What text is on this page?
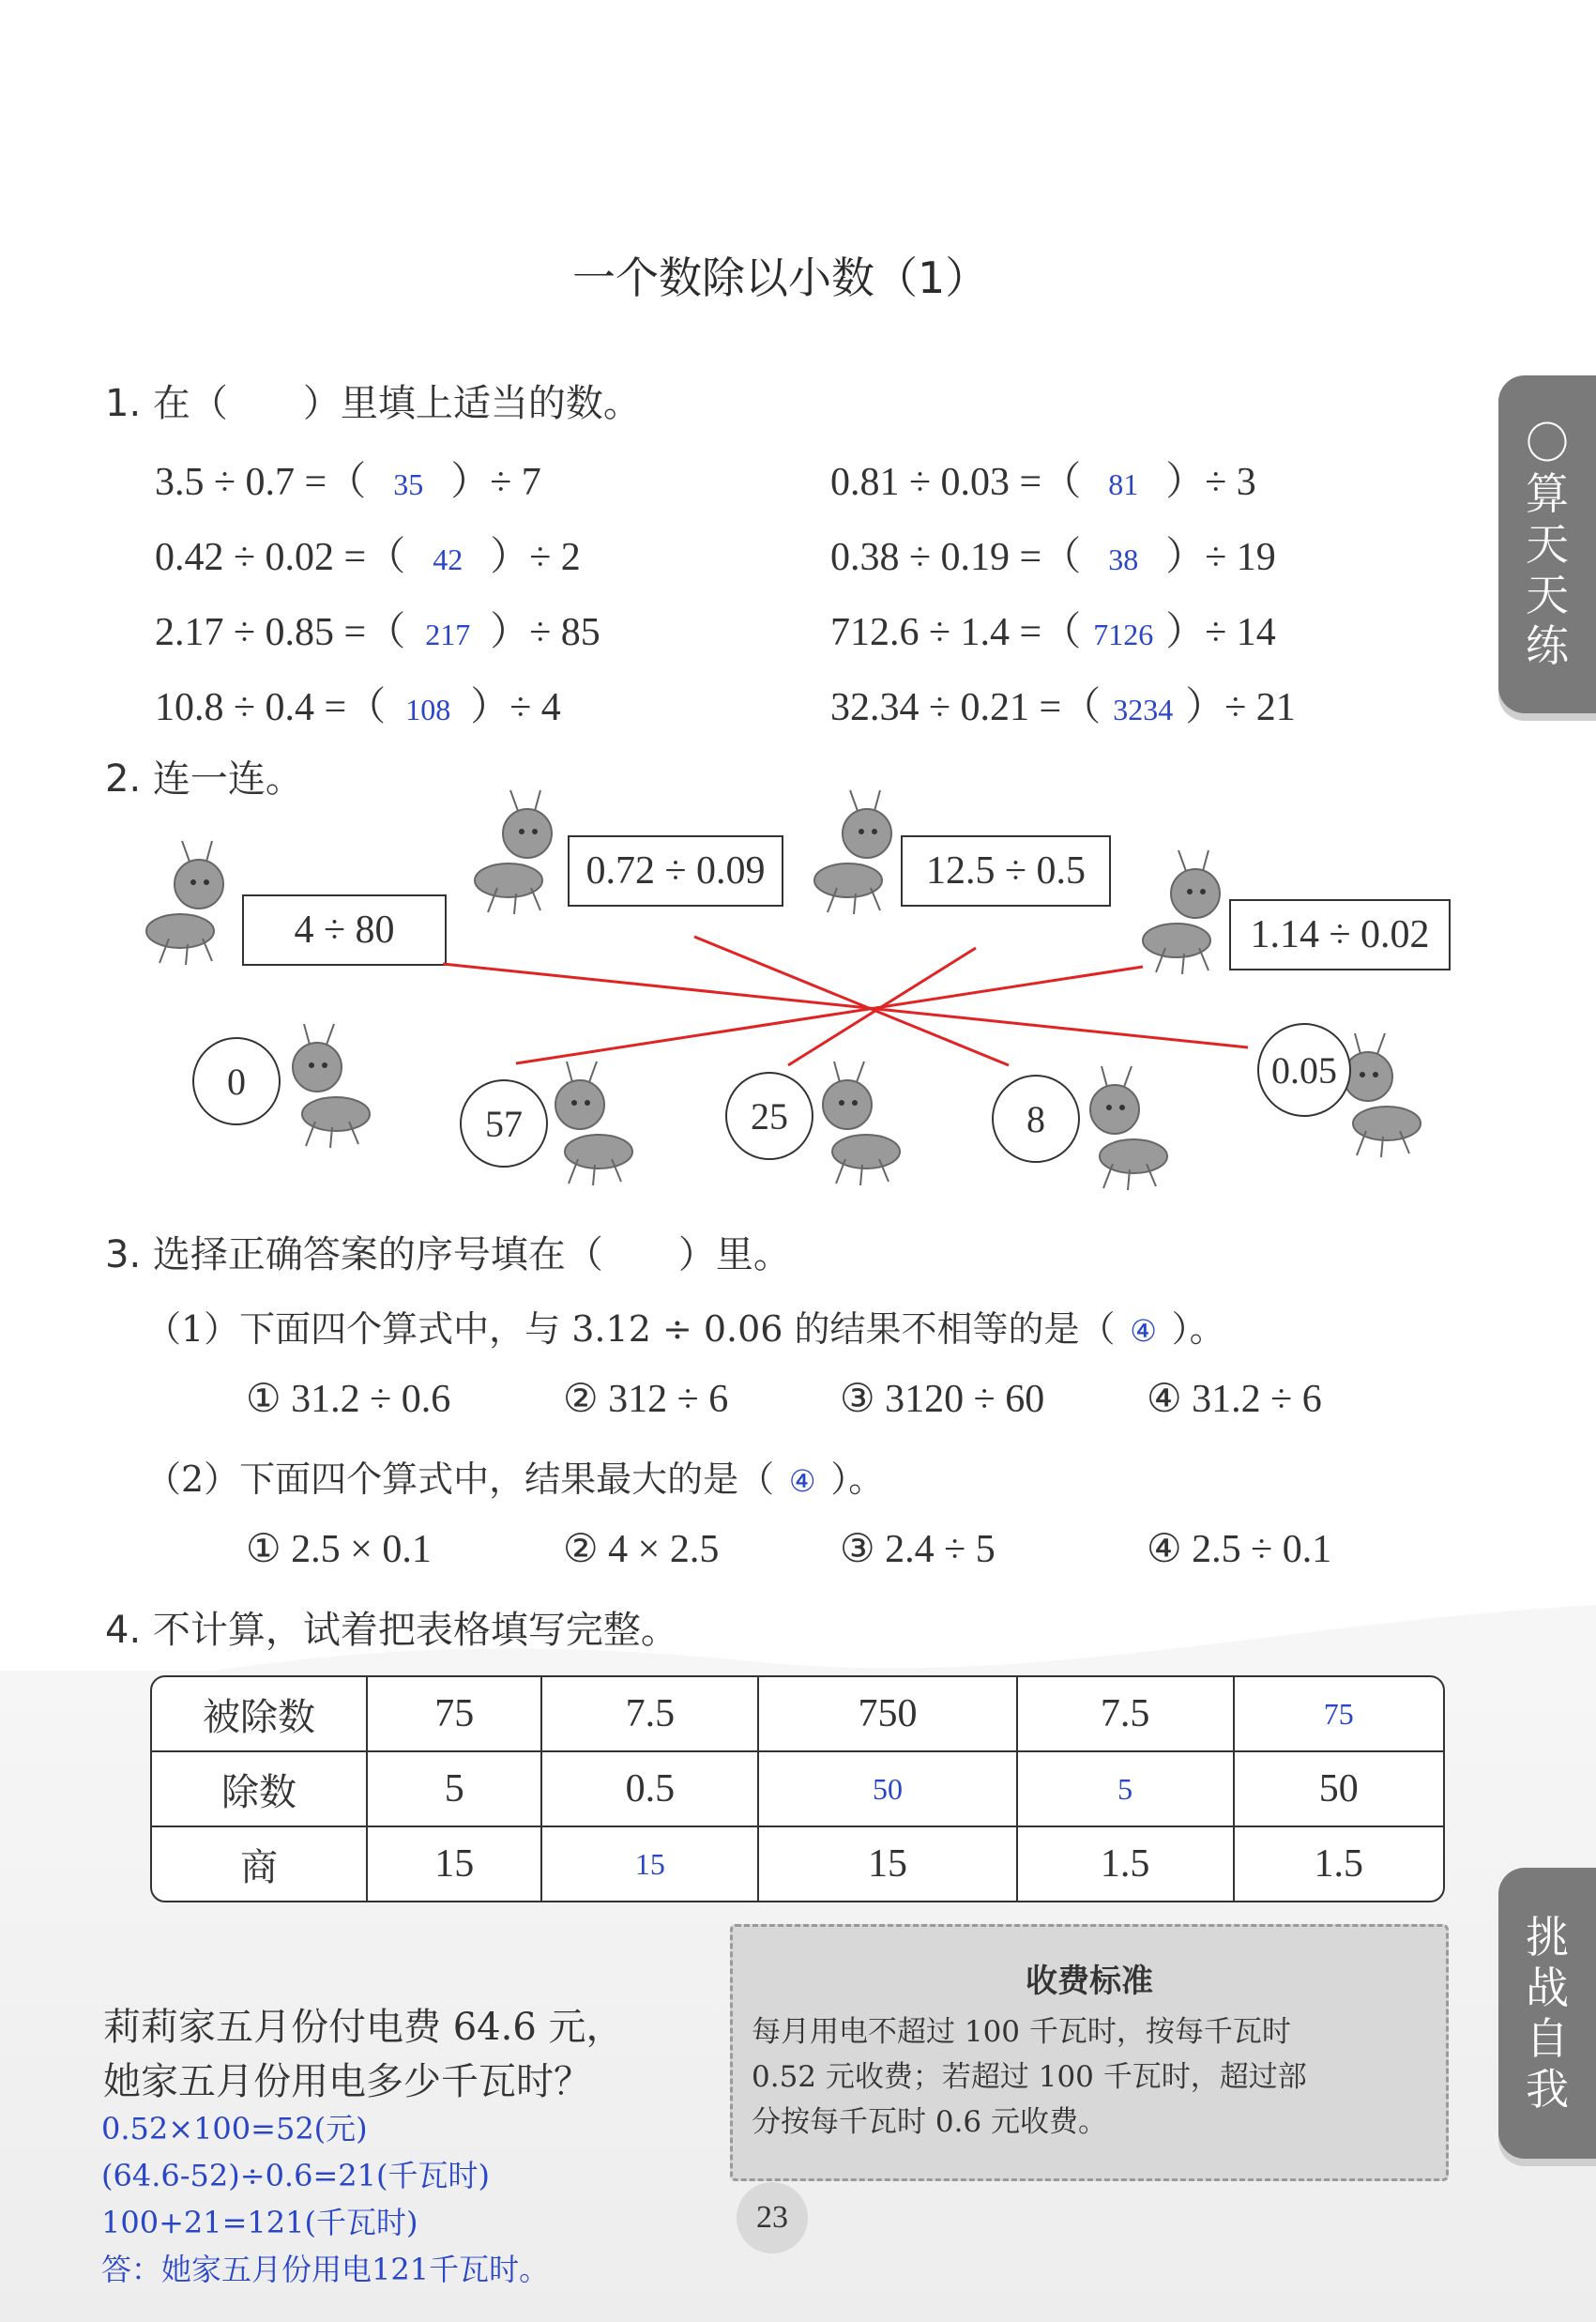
〇
算
天
天
练
挑
战
自
我
一个数除以小数（1）
1. 在（　　）里填上适当的数。
3.5 ÷ 0.7 =（ 35 ）÷ 7	0.81 ÷ 0.03 =（ 81 ）÷ 3
0.42 ÷ 0.02 =（ 42 ）÷ 2	0.38 ÷ 0.19 =（ 38 ）÷ 19
2.17 ÷ 0.85 =（ 217 ）÷ 85	712.6 ÷ 1.4 =（ 7126 ）÷ 14
10.8 ÷ 0.4 =（ 108 ）÷ 4	32.34 ÷ 0.21 =（ 3234 ）÷ 21
2. 连一连。
4 ÷ 80
0.72 ÷ 0.09	12.5 ÷ 0.5
1.14 ÷ 0.02
0
57	25	8
0.05
3. 选择正确答案的序号填在（　　）里。
（1）下面四个算式中，与 3.12 ÷ 0.06 的结果不相等的是（ ④ ）。
① 31.2 ÷ 0.6	② 312 ÷ 6	③ 3120 ÷ 60	④ 31.2 ÷ 6
（2）下面四个算式中，结果最大的是（ ④ ）。
① 2.5 × 0.1	② 4 × 2.5	③ 2.4 ÷ 5	④ 2.5 ÷ 0.1
4. 不计算，试着把表格填写完整。
被除数	75	7.5	750	7.5	75
除数	5	0.5	50	5	50
商	15	15	15	1.5	1.5
莉莉家五月份付电费 64.6 元，
她家五月份用电多少千瓦时？
0.52×100=52(元)
(64.6-52)÷0.6=21(千瓦时)
100+21=121(千瓦时)
答：她家五月份用电121千瓦时。
收费标准
每月用电不超过 100 千瓦时，按每千瓦时
0.52 元收费；若超过 100 千瓦时，超过部
分按每千瓦时 0.6 元收费。
23
